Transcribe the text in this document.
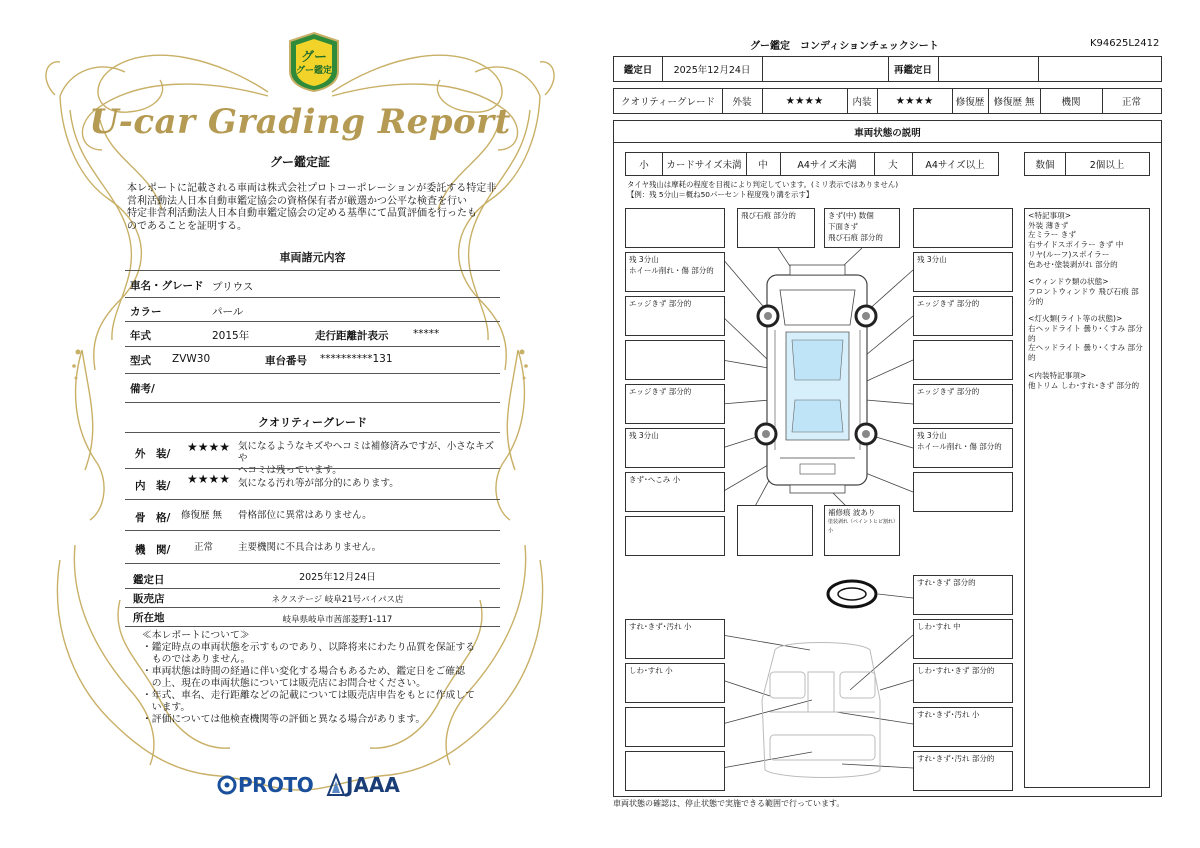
グー
グー鑑定
U-car Grading Report
グー鑑定証
本レポートに記載される車両は株式会社プロトコーポレーションが委託する特定非
営利活動法人日本自動車鑑定協会の資格保有者が厳選かつ公平な検査を行い
特定非営利活動法人日本自動車鑑定協会の定める基準にて品質評価を行ったも
のであることを証明する。
車両諸元内容
車名・グレード プリウス
カラー	パール
年式	2015年	走行距離計表示 *****
型式 ZVW30	車台番号 **********131
備考/
クオリティーグレード
外　装/ ★★★★ 気になるようなキズやヘコミは補修済みですが、小さなキズや
ヘコミは残っています。
内　装/ ★★★★ 気になる汚れ等が部分的にあります。
骨　格/ 修復歴 無 骨格部位に異常はありません。
機　関/ 正常	主要機関に不具合はありません。
鑑定日	2025年12月24日
販売店	ネクステージ 岐阜21号バイパス店
所在地	岐阜県岐阜市茜部菱野1-117
≪本レポートについて≫
・鑑定時点の車両状態を示すものであり、以降将来にわたり品質を保証する
　ものではありません。
・車両状態は時間の経過に伴い変化する場合もあるため、鑑定日をご確認
　の上、現在の車両状態については販売店にお問合せください。
・年式、車名、走行距離などの記載については販売店申告をもとに作成して
　います。
・評価については他検査機関等の評価と異なる場合があります。
PROTO JAAA
グー鑑定　コンディションチェックシート	K94625L2412
鑑定日	2025年12月24日	再鑑定日
クオリティーグレード	外装	★★★★	内装	★★★★	修復歴 修復歴 無	機関	正常
車両状態の説明
小	カードサイズ未満	中	A4サイズ未満	大	A4サイズ以上	数個	2個以上
タイヤ残山は摩耗の程度を目視により判定しています。(ミリ表示ではありません)
【例：残 5分山＝概ね50パーセント程度残り溝を示す】
飛び石痕 部分的	きず(中) 数個
下面きず
飛び石痕 部分的
残 3分山
ホイール削れ・傷 部分的
残 3分山
エッジきず 部分的	エッジきず 部分的
エッジきず 部分的	エッジきず 部分的
残 3分山	残 3分山
ホイール削れ・傷 部分的
きず･へこみ 小
補修痕 波あり
塗装剥れ（ペイントヒビ割れ）小
<特記事項>
外装 薄きず
左ミラー きず
右サイドスポイラー きず 中
リヤ(ルーフ)スポイラー
色あせ･塗装剥がれ 部分的
<ウィンドウ類の状態>
フロントウィンドウ 飛び石痕 部分的
<灯火類(ライト等の状態)>
右ヘッドライト 曇り･くすみ 部分的
左ヘッドライト 曇り･くすみ 部分的
<内装特記事項>
他トリム しわ･すれ･きず 部分的
すれ･きず 部分的
すれ･きず･汚れ 小	しわ･すれ 中
しわ･すれ 小	しわ･すれ･きず 部分的
すれ･きず･汚れ 小
すれ･きず･汚れ 部分的
車両状態の確認は、停止状態で実施できる範囲で行っています。
